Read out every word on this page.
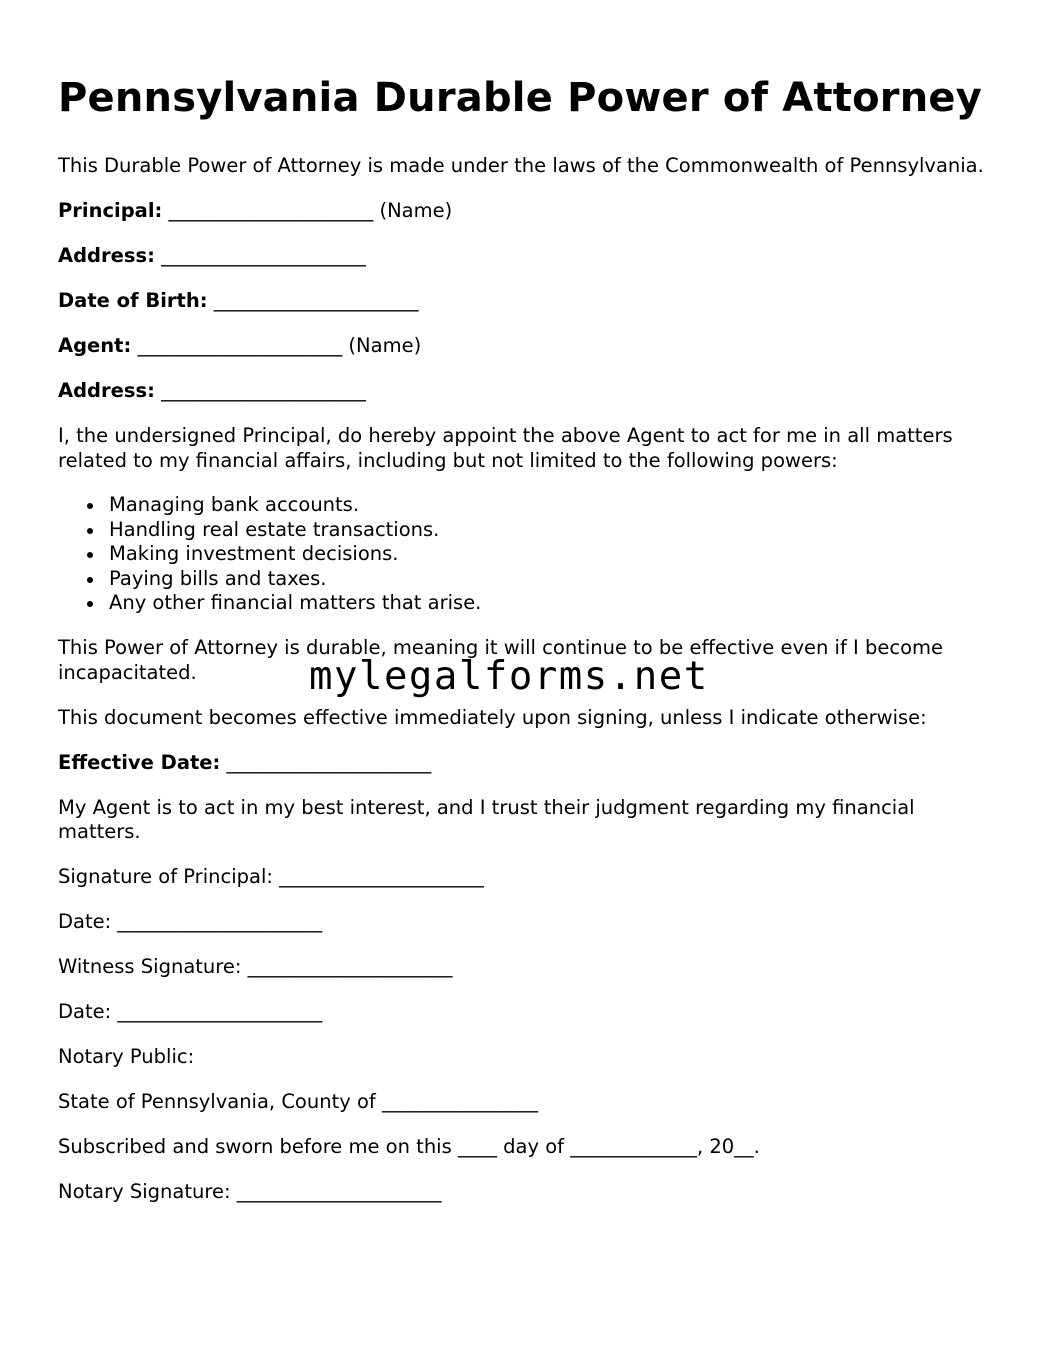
Pennsylvania Durable Power of Attorney

This Durable Power of Attorney is made under the laws of the Commonwealth of Pennsylvania.

Principal: _____________________ (Name)

Address: _____________________

Date of Birth: _____________________

Agent: _____________________ (Name)

Address: _____________________

I, the undersigned Principal, do hereby appoint the above Agent to act for me in all matters related to my financial affairs, including but not limited to the following powers:

Managing bank accounts.
Handling real estate transactions.
Making investment decisions.
Paying bills and taxes.
Any other financial matters that arise.

This Power of Attorney is durable, meaning it will continue to be effective even if I become incapacitated.

This document becomes effective immediately upon signing, unless I indicate otherwise:

Effective Date: _____________________

My Agent is to act in my best interest, and I trust their judgment regarding my financial matters.

Signature of Principal: _____________________

Date: _____________________

Witness Signature: _____________________

Date: _____________________

Notary Public:

State of Pennsylvania, County of ________________

Subscribed and sworn before me on this ____ day of _____________, 20__.

Notary Signature: _____________________

mylegalforms.net
